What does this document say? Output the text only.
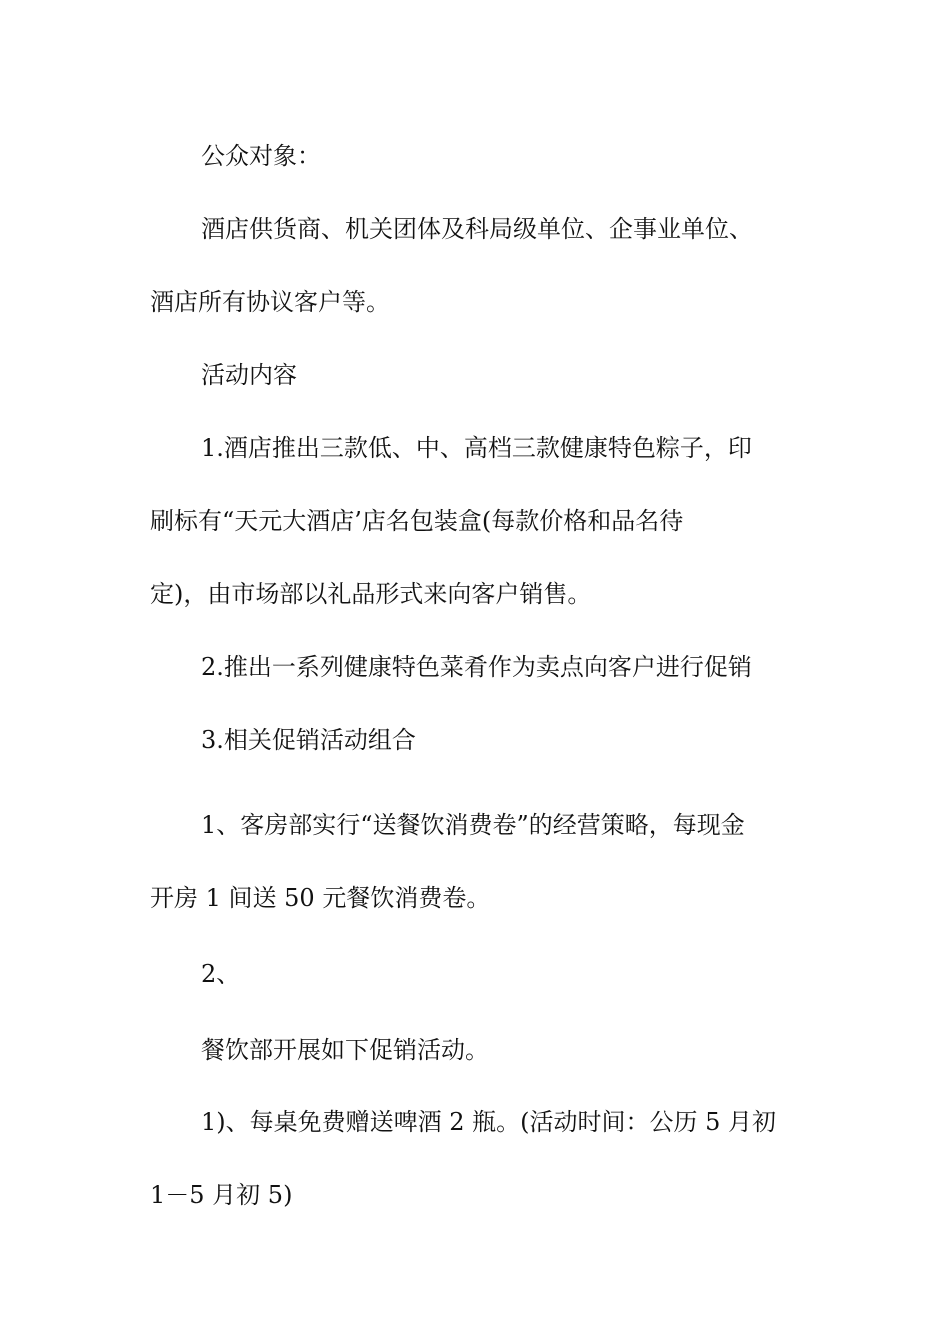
公众对象：

酒店供货商、机关团体及科局级单位、企事业单位、

酒店所有协议客户等。

活动内容

1.酒店推出三款低、中、高档三款健康特色粽子，印

刷标有“天元大酒店’店名包装盒(每款价格和品名待

定)，由市场部以礼品形式来向客户销售。

2.推出一系列健康特色菜肴作为卖点向客户进行促销

3.相关促销活动组合

1、客房部实行“送餐饮消费卷”的经营策略，每现金

开房 1 间送 50 元餐饮消费卷。

2、

餐饮部开展如下促销活动。

1)、每桌免费赠送啤酒 2 瓶。(活动时间：公历 5 月初

1－5 月初 5)
